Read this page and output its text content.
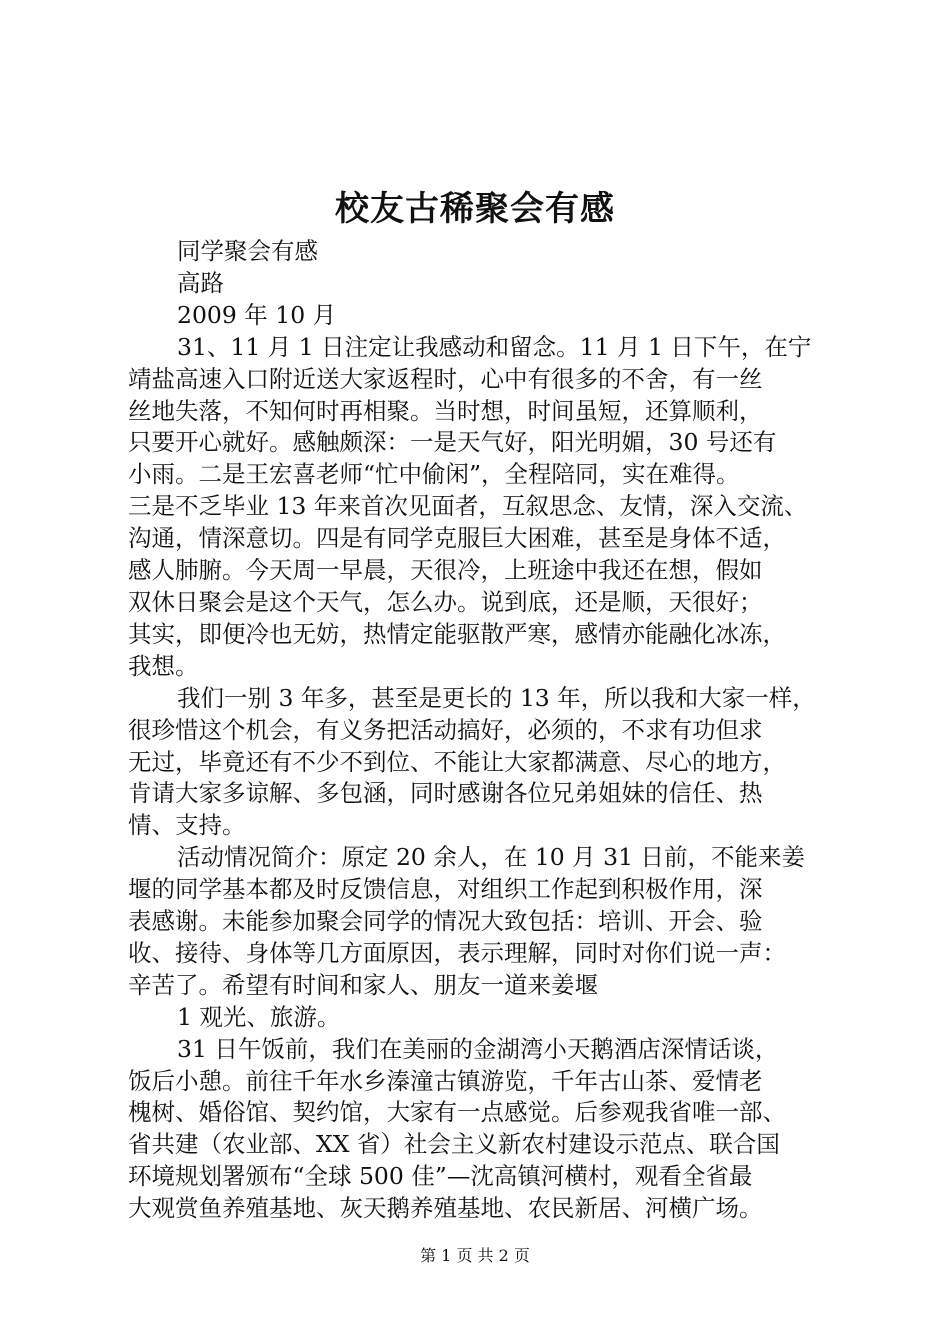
校友古稀聚会有感
同学聚会有感
高路
2009 年 10 月
31、11 月 1 日注定让我感动和留念。11 月 1 日下午，在宁
靖盐高速入口附近送大家返程时，心中有很多的不舍，有一丝
丝地失落，不知何时再相聚。当时想，时间虽短，还算顺利，
只要开心就好。感触颇深：一是天气好，阳光明媚，30 号还有
小雨。二是王宏喜老师“忙中偷闲”，全程陪同，实在难得。
三是不乏毕业 13 年来首次见面者，互叙思念、友情，深入交流、
沟通，情深意切。四是有同学克服巨大困难，甚至是身体不适，
感人肺腑。今天周一早晨，天很冷，上班途中我还在想，假如
双休日聚会是这个天气，怎么办。说到底，还是顺，天很好；
其实，即便冷也无妨，热情定能驱散严寒，感情亦能融化冰冻，
我想。
我们一别 3 年多，甚至是更长的 13 年，所以我和大家一样，
很珍惜这个机会，有义务把活动搞好，必须的，不求有功但求
无过，毕竟还有不少不到位、不能让大家都满意、尽心的地方，
肯请大家多谅解、多包涵，同时感谢各位兄弟姐妹的信任、热
情、支持。
活动情况简介：原定 20 余人，在 10 月 31 日前，不能来姜
堰的同学基本都及时反馈信息，对组织工作起到积极作用，深
表感谢。未能参加聚会同学的情况大致包括：培训、开会、验
收、接待、身体等几方面原因，表示理解，同时对你们说一声：
辛苦了。希望有时间和家人、朋友一道来姜堰
1 观光、旅游。
31 日午饭前，我们在美丽的金湖湾小天鹅酒店深情话谈，
饭后小憩。前往千年水乡溱潼古镇游览，千年古山茶、爱情老
槐树、婚俗馆、契约馆，大家有一点感觉。后参观我省唯一部、
省共建（农业部、XX 省）社会主义新农村建设示范点、联合国
环境规划署颁布“全球 500 佳”—沈高镇河横村，观看全省最
大观赏鱼养殖基地、灰天鹅养殖基地、农民新居、河横广场。
第 1 页 共 2 页
